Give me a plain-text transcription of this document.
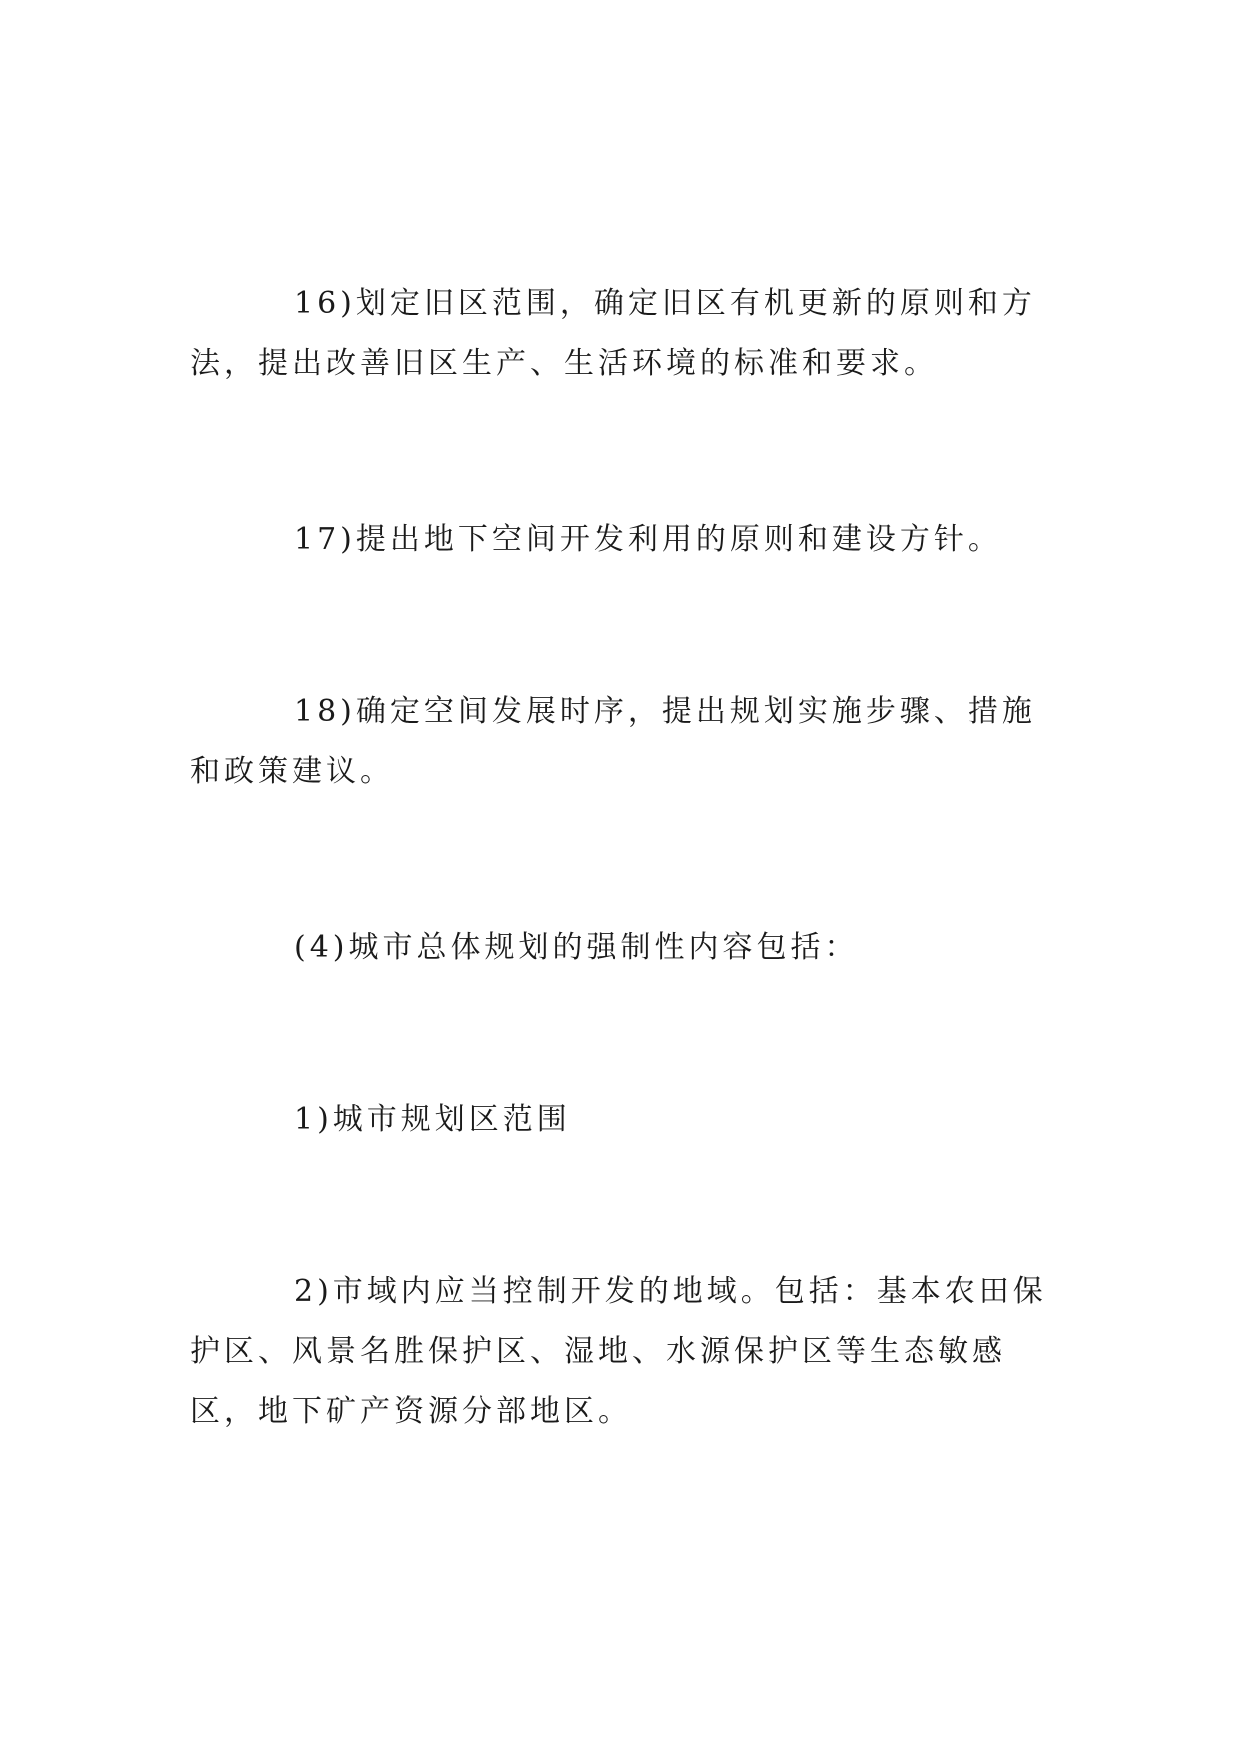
16)划定旧区范围，确定旧区有机更新的原则和方法，提出改善旧区生产、生活环境的标准和要求。

17)提出地下空间开发利用的原则和建设方针。

18)确定空间发展时序，提出规划实施步骤、措施和政策建议。

(4)城市总体规划的强制性内容包括：

1)城市规划区范围

2)市域内应当控制开发的地域。包括：基本农田保护区、风景名胜保护区、湿地、水源保护区等生态敏感区，地下矿产资源分部地区。
